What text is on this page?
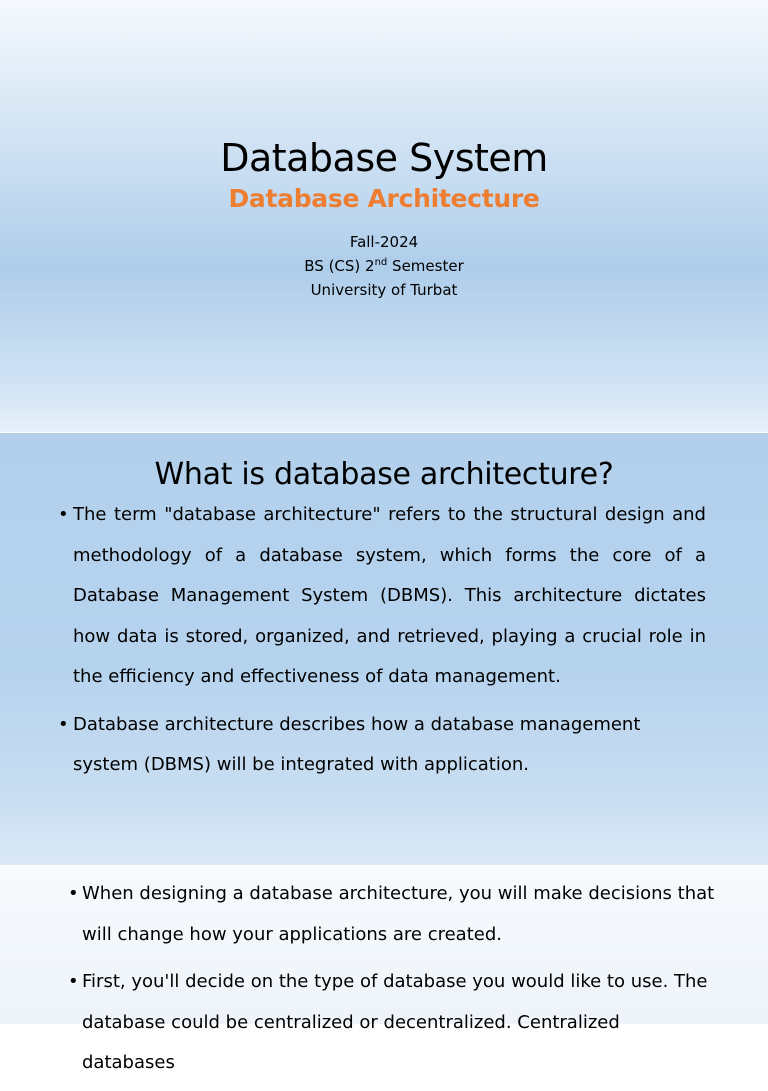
Database System
Database Architecture
Fall-2024
BS (CS) 2nd Semester
University of Turbat
What is database architecture?
• The term "database architecture" refers to the structural design and methodology of a database system, which forms the core of a Database Management System (DBMS). This architecture dictates how data is stored, organized, and retrieved, playing a crucial role in the efficiency and effectiveness of data management.
• Database architecture describes how a database management system (DBMS) will be integrated with application.
• When designing a database architecture, you will make decisions that will change how your applications are created.
• First, you'll decide on the type of database you would like to use. The database could be centralized or decentralized. Centralized databases
